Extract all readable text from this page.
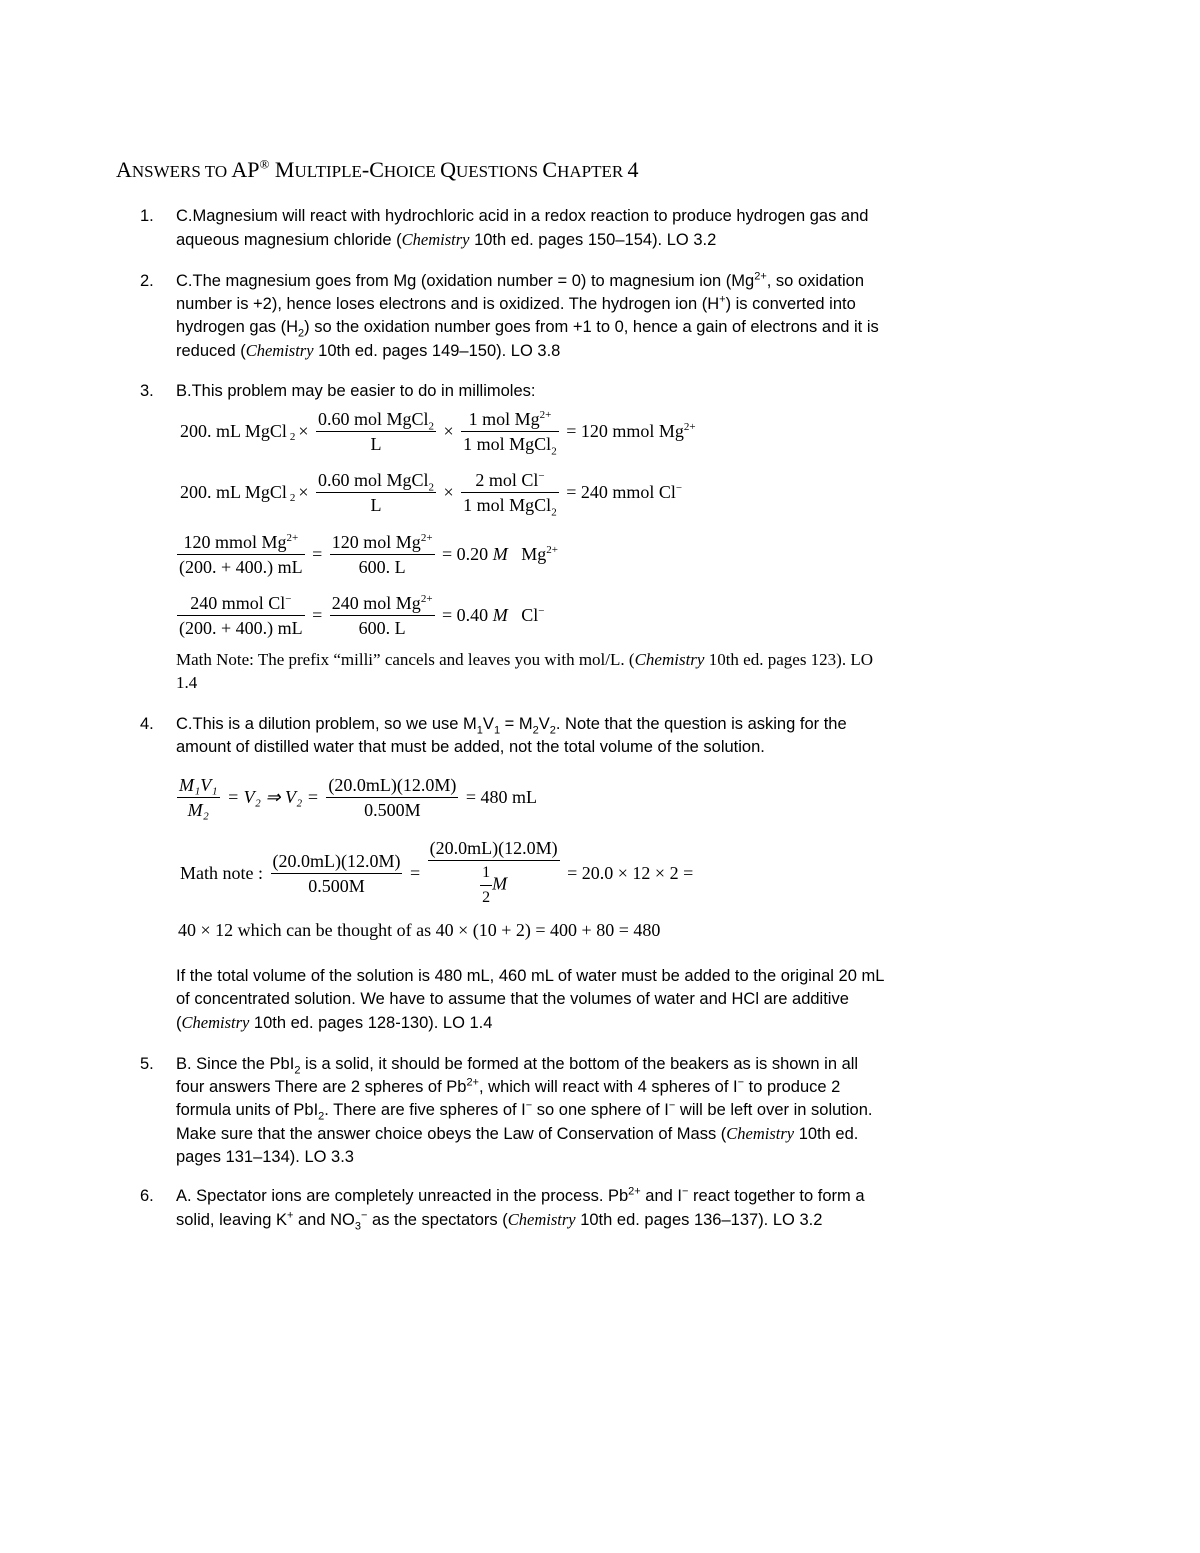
ANSWERS TO AP® MULTIPLE-CHOICE QUESTIONS CHAPTER 4
1. C.Magnesium will react with hydrochloric acid in a redox reaction to produce hydrogen gas and aqueous magnesium chloride (Chemistry 10th ed. pages 150–154). LO 3.2
2. C.The magnesium goes from Mg (oxidation number = 0) to magnesium ion ($Mg^{2+}$, so oxidation number is +2), hence loses electrons and is oxidized. The hydrogen ion (H+) is converted into hydrogen gas $(H_2)$ so the oxidation number goes from +1 to 0, hence a gain of electrons and it is reduced (Chemistry 10th ed. pages 149–150). LO 3.8
3. B.This problem may be easier to do in millimoles:
200. mL MgCl $_2 \times \frac{0.60 mol MgCl_2}{L} \times \frac{1 mol Mg^{2+}}{1 mol MgCl_2} = 120$ mmol $Mg^{2+}$
200. mL MgCl $_2 \times \frac{0.60 mol MgCl_2}{L} \times \frac{2 mol Cl^-}{1 mol MgCl_2} = 240$ mmol Cl−
$\frac{120 mmol Mg^{2+}}{(200. + 400.) mL} = \frac{120 mol Mg^{2+}}{600. L} = 0.20$ M $Mg^{2+}$
$\frac{240 mmol Cl^-}{(200. + 400.) mL} = \frac{240 mol Mg^{2+}}{600. L} = 0.40$ M Cl−
Math Note: The prefix “milli” cancels and leaves you with mol/L. (Chemistry 10th ed. pages 123). LO 1.4
4. C.This is a dilution problem, so we use $M_1V_1 = M_2V_2$. Note that the question is asking for the amount of distilled water that must be added, not the total volume of the solution.
$\frac{\text{M₁V₁}}{\text{M₂}} = V_2$ ⇒ $V_2 = \frac{(20.0mL)(12.0M)}{0.500M} = 480$ mL
Math note : $\frac{(20.0mL)(12.0M)}{0.500M} = \frac{(20.0mL)(12.0M)}{\frac{1}{2} M} = 20.0 \times 12 \times 2$ =
40 × 12 which can be thought of as 40 × (10 + 2) = 400 + 80 = 480
If the total volume of the solution is 480 mL, 460 mL of water must be added to the original 20 mL of concentrated solution. We have to assume that the volumes of water and HCl are additive (Chemistry 10th ed. pages 128-130). LO 1.4
5. B. Since the PbI$_2$ is a solid, it should be formed at the bottom of the beakers as is shown in all four answers There are 2 spheres of $Pb^{2+}$, which will react with 4 spheres of I− to produce 2 formula units of PbI$_2$. There are five spheres of I− so one sphere of I− will be left over in solution. Make sure that the answer choice obeys the Law of Conservation of Mass (Chemistry 10th ed. pages 131–134). LO 3.3
6. A. Spectator ions are completely unreacted in the process. $Pb^{2+}$ and I− react together to form a solid, leaving K+ and $NO_3^-$ as the spectators (Chemistry 10th ed. pages 136–137). LO 3.2
